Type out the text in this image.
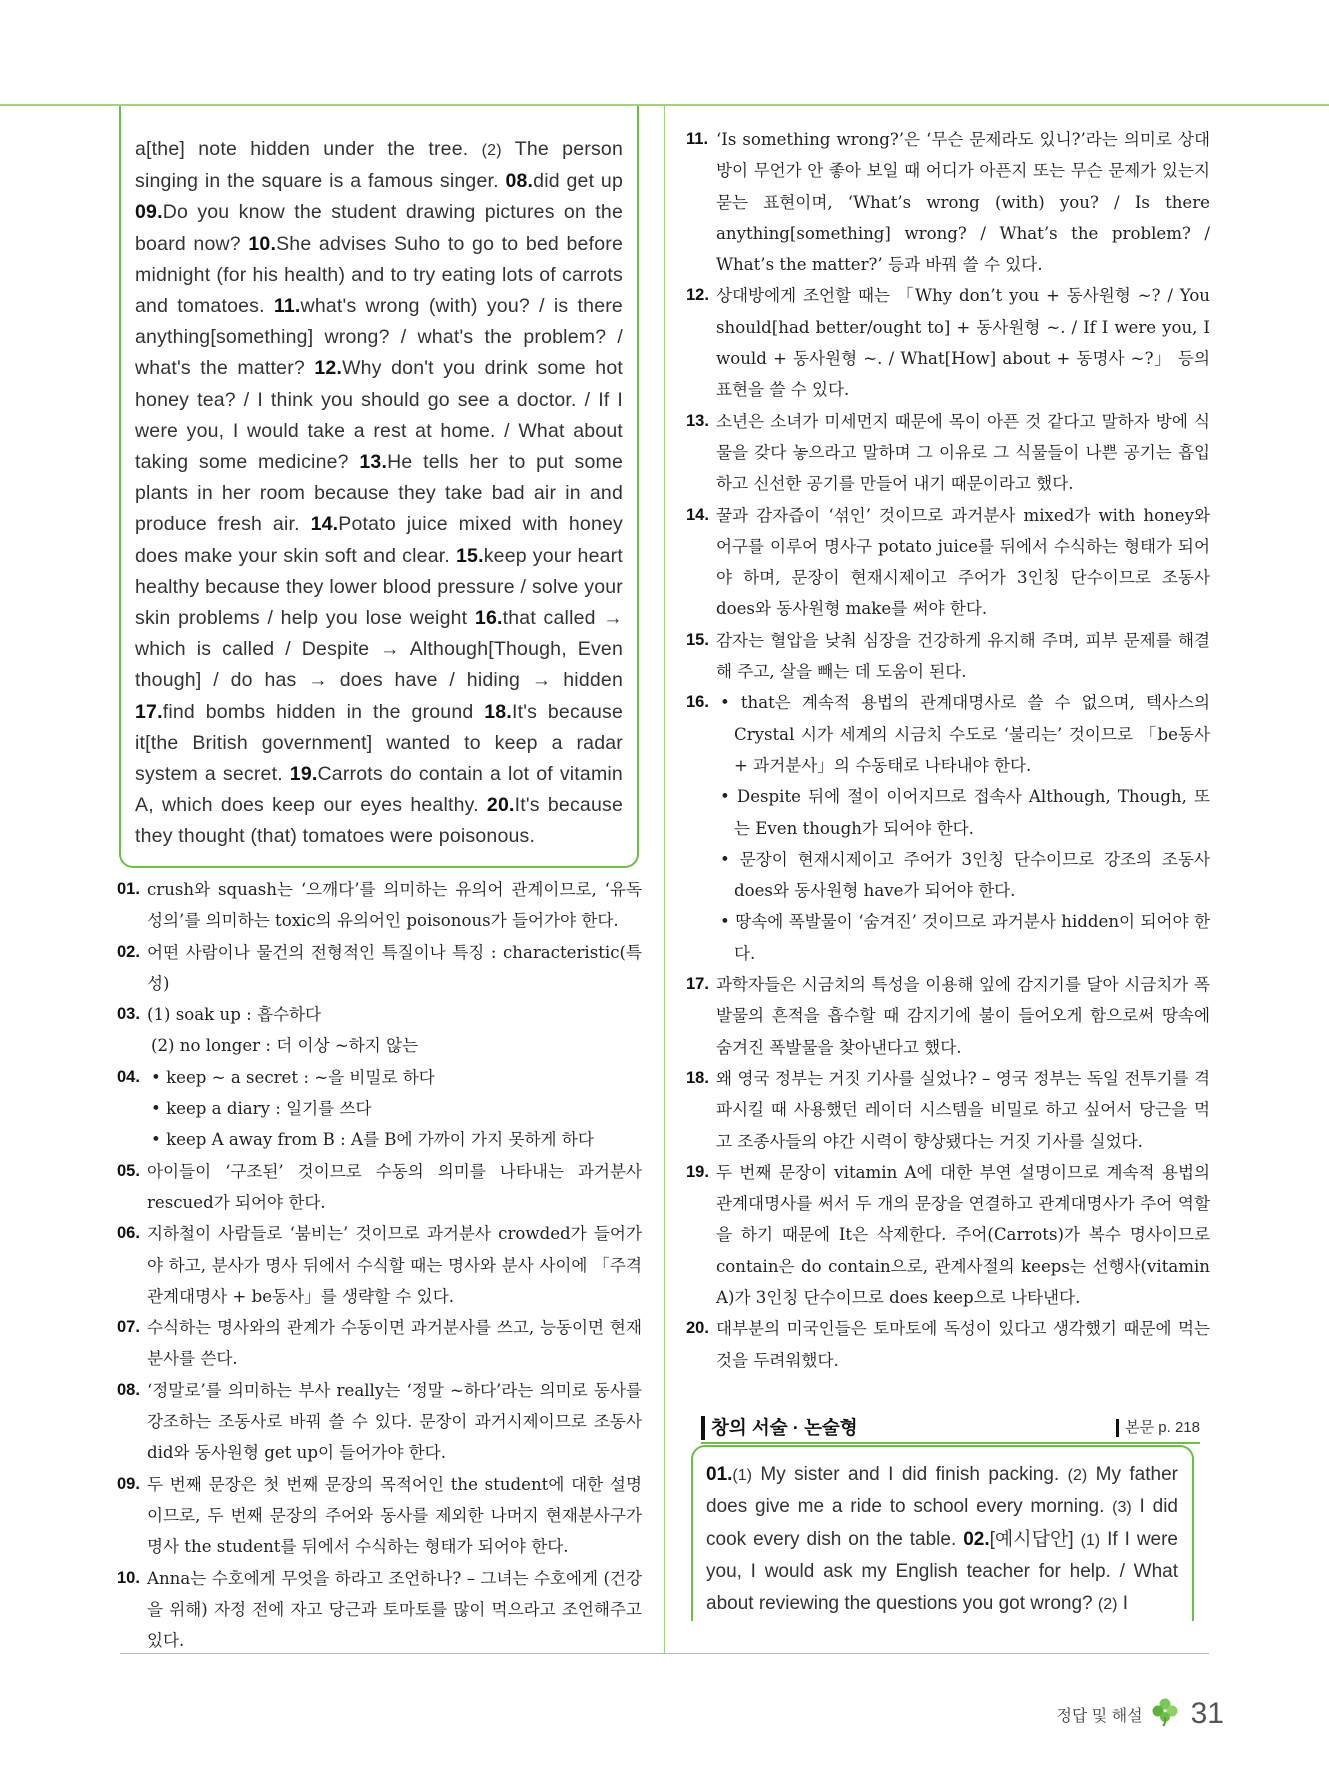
a[the] note hidden under the tree. (2) The person singing in the square is a famous singer. 08.did get up 09.Do you know the student drawing pictures on the board now? 10.She advises Suho to go to bed before midnight (for his health) and to try eating lots of carrots and tomatoes. 11.what's wrong (with) you? / is there anything[something] wrong? / what's the problem? / what's the matter? 12.Why don't you drink some hot honey tea? / I think you should go see a doctor. / If I were you, I would take a rest at home. / What about taking some medicine? 13.He tells her to put some plants in her room because they take bad air in and produce fresh air. 14.Potato juice mixed with honey does make your skin soft and clear. 15.keep your heart healthy because they lower blood pressure / solve your skin problems / help you lose weight 16.that called → which is called / Despite → Although[Though, Even though] / do has → does have / hiding → hidden 17.find bombs hidden in the ground 18.It's because it[the British government] wanted to keep a radar system a secret. 19.Carrots do contain a lot of vitamin A, which does keep our eyes healthy. 20.It's because they thought (that) tomatoes were poisonous.

01. crush와 squash는 ‘으깨다’를 의미하는 유의어 관계이므로, ‘유독성의’를 의미하는 toxic의 유의어인 poisonous가 들어가야 한다.
02. 어떤 사람이나 물건의 전형적인 특질이나 특징 : characteristic(특성)
03. (1) soak up : 흡수하다
(2) no longer : 더 이상 ~하지 않는
04.	• keep ~ a secret : ~을 비밀로 하다
• keep a diary : 일기를 쓰다
• keep A away from B : A를 B에 가까이 가지 못하게 하다
05. 아이들이 ‘구조된’ 것이므로 수동의 의미를 나타내는 과거분사 rescued가 되어야 한다.
06. 지하철이 사람들로 ‘붐비는’ 것이므로 과거분사 crowded가 들어가야 하고, 분사가 명사 뒤에서 수식할 때는 명사와 분사 사이에 「주격 관계대명사 + be동사」를 생략할 수 있다.
07. 수식하는 명사와의 관계가 수동이면 과거분사를 쓰고, 능동이면 현재분사를 쓴다.
08. ‘정말로’를 의미하는 부사 really는 ‘정말 ~하다’라는 의미로 동사를 강조하는 조동사로 바꿔 쓸 수 있다. 문장이 과거시제이므로 조동사 did와 동사원형 get up이 들어가야 한다.
09. 두 번째 문장은 첫 번째 문장의 목적어인 the student에 대한 설명이므로, 두 번째 문장의 주어와 동사를 제외한 나머지 현재분사구가 명사 the student를 뒤에서 수식하는 형태가 되어야 한다.
10. Anna는 수호에게 무엇을 하라고 조언하나? – 그녀는 수호에게 (건강을 위해) 자정 전에 자고 당근과 토마토를 많이 먹으라고 조언해주고 있다.
11. ‘Is something wrong?’은 ‘무슨 문제라도 있니?’라는 의미로 상대방이 무언가 안 좋아 보일 때 어디가 아픈지 또는 무슨 문제가 있는지 묻는 표현이며, ‘What’s wrong (with) you? / Is there anything[something] wrong? / What’s the problem? / What’s the matter?’ 등과 바꿔 쓸 수 있다.
12. 상대방에게 조언할 때는 「Why don’t you + 동사원형 ~? / You should[had better/ought to] + 동사원형 ~. / If I were you, I would + 동사원형 ~. / What[How] about + 동명사 ~?」 등의 표현을 쓸 수 있다.
13. 소년은 소녀가 미세먼지 때문에 목이 아픈 것 같다고 말하자 방에 식물을 갖다 놓으라고 말하며 그 이유로 그 식물들이 나쁜 공기는 흡입하고 신선한 공기를 만들어 내기 때문이라고 했다.
14. 꿀과 감자즙이 ‘섞인’ 것이므로 과거분사 mixed가 with honey와 어구를 이루어 명사구 potato juice를 뒤에서 수식하는 형태가 되어야 하며, 문장이 현재시제이고 주어가 3인칭 단수이므로 조동사 does와 동사원형 make를 써야 한다.
15. 감자는 혈압을 낮춰 심장을 건강하게 유지해 주며, 피부 문제를 해결해 주고, 살을 빼는 데 도움이 된다.
16.	• that은 계속적 용법의 관계대명사로 쓸 수 없으며, 텍사스의 Crystal 시가 세계의 시금치 수도로 ‘불리는’ 것이므로 「be동사 + 과거분사」의 수동태로 나타내야 한다.
• Despite 뒤에 절이 이어지므로 접속사 Although, Though, 또는 Even though가 되어야 한다.
• 문장이 현재시제이고 주어가 3인칭 단수이므로 강조의 조동사 does와 동사원형 have가 되어야 한다.
• 땅속에 폭발물이 ‘숨겨진’ 것이므로 과거분사 hidden이 되어야 한다.
17. 과학자들은 시금치의 특성을 이용해 잎에 감지기를 달아 시금치가 폭발물의 흔적을 흡수할 때 감지기에 불이 들어오게 함으로써 땅속에 숨겨진 폭발물을 찾아낸다고 했다.
18. 왜 영국 정부는 거짓 기사를 실었나? – 영국 정부는 독일 전투기를 격파시킬 때 사용했던 레이더 시스템을 비밀로 하고 싶어서 당근을 먹고 조종사들의 야간 시력이 향상됐다는 거짓 기사를 실었다.
19. 두 번째 문장이 vitamin A에 대한 부연 설명이므로 계속적 용법의 관계대명사를 써서 두 개의 문장을 연결하고 관계대명사가 주어 역할을 하기 때문에 It은 삭제한다. 주어(Carrots)가 복수 명사이므로 contain은 do contain으로, 관계사절의 keeps는 선행사(vitamin A)가 3인칭 단수이므로 does keep으로 나타낸다.
20. 대부분의 미국인들은 토마토에 독성이 있다고 생각했기 때문에 먹는 것을 두려워했다.
창의 서술 · 논술형	본문 p. 218

01.(1) My sister and I did finish packing. (2) My father does give me a ride to school every morning. (3) I did cook every dish on the table. 02.[예시답안] (1) If I were you, I would ask my English teacher for help. / What about reviewing the questions you got wrong? (2) I

정답 및 해설 31
